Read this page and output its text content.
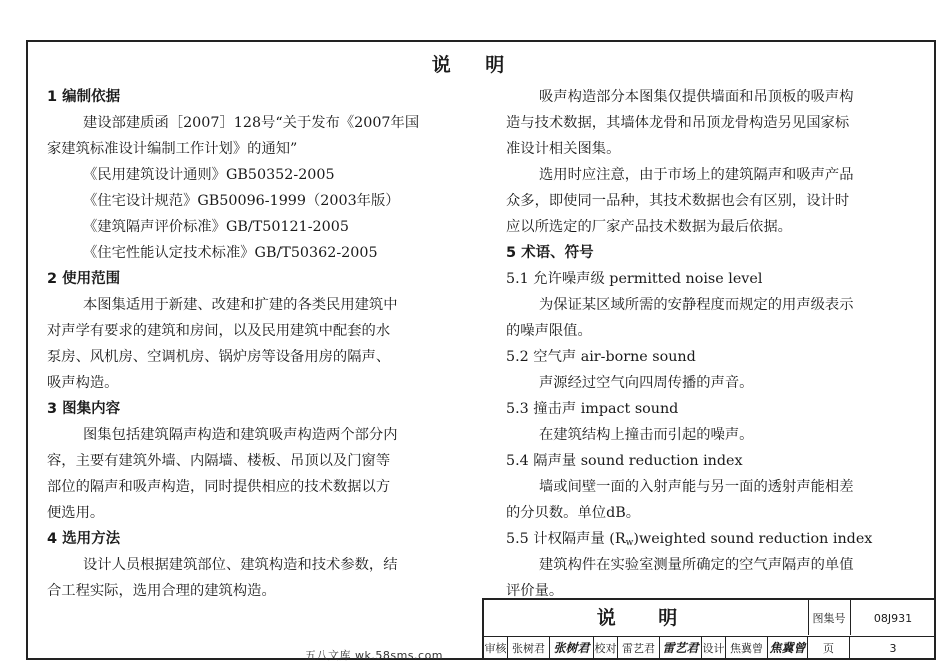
说 明
1 编制依据
建设部建质函［2007］128号“关于发布《2007年国
家建筑标准设计编制工作计划》的通知”
《民用建筑设计通则》GB50352-2005
《住宅设计规范》GB50096-1999（2003年版）
《建筑隔声评价标准》GB/T50121-2005
《住宅性能认定技术标准》GB/T50362-2005
2 使用范围
本图集适用于新建、改建和扩建的各类民用建筑中
对声学有要求的建筑和房间，以及民用建筑中配套的水
泵房、风机房、空调机房、锅炉房等设备用房的隔声、
吸声构造。
3 图集内容
图集包括建筑隔声构造和建筑吸声构造两个部分内
容，主要有建筑外墙、内隔墙、楼板、吊顶以及门窗等
部位的隔声和吸声构造，同时提供相应的技术数据以方
便选用。
4 选用方法
设计人员根据建筑部位、建筑构造和技术参数，结
合工程实际，选用合理的建筑构造。
吸声构造部分本图集仅提供墙面和吊顶板的吸声构
造与技术数据，其墙体龙骨和吊顶龙骨构造另见国家标
准设计相关图集。
选用时应注意，由于市场上的建筑隔声和吸声产品
众多，即使同一品种，其技术数据也会有区别，设计时
应以所选定的厂家产品技术数据为最后依据。
5 术语、符号
5.1 允许噪声级 permitted noise level
为保证某区域所需的安静程度而规定的用声级表示
的噪声限值。
5.2 空气声 air-borne sound
声源经过空气向四周传播的声音。
5.3 撞击声 impact sound
在建筑结构上撞击而引起的噪声。
5.4 隔声量 sound reduction index
墙或间壁一面的入射声能与另一面的透射声能相差
的分贝数。单位dB。
5.5 计权隔声量 $(R_w)weighted$ sound reduction index
建筑构件在实验室测量所确定的空气声隔声的单值
评价量。
说 明	图集号	08J931
审核 张树君 张树君 校对 雷艺君 雷艺君 设计 焦冀曾 焦冀曾	页	3
五八文库 wk.58sms.com
